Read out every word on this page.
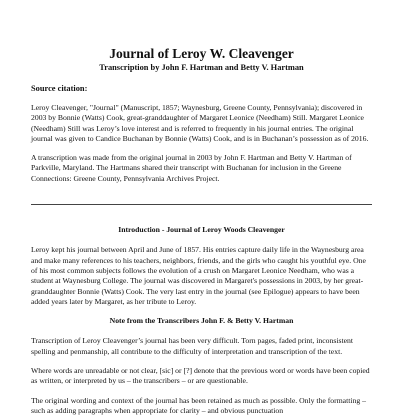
Journal of Leroy W. Cleavenger
Transcription by John F. Hartman and Betty V. Hartman
Source citation:

Leroy Cleavenger, "Journal" (Manuscript, 1857; Waynesburg, Greene County, Pennsylvania); discovered in 2003 by Bonnie (Watts) Cook, great-granddaughter of Margaret Leonice (Needham) Still. Margaret Leonice (Needham) Still was Leroy’s love interest and is referred to frequently in his journal entries. The original journal was given to Candice Buchanan by Bonnie (Watts) Cook, and is in Buchanan’s possession as of 2016.

A transcription was made from the original journal in 2003 by John F. Hartman and Betty V. Hartman of Parkville, Maryland. The Hartmans shared their transcript with Buchanan for inclusion in the Greene Connections: Greene County, Pennsylvania Archives Project.

Introduction - Journal of Leroy Woods Cleavenger

Leroy kept his journal between April and June of 1857. His entries capture daily life in the Waynesburg area and make many references to his teachers, neighbors, friends, and the girls who caught his youthful eye. One of his most common subjects follows the evolution of a crush on Margaret Leonice Needham, who was a student at Waynesburg College. The journal was discovered in Margaret's possessions in 2003, by her great-granddaughter Bonnie (Watts) Cook. The very last entry in the journal (see Epilogue) appears to have been added years later by Margaret, as her tribute to Leroy.

Note from the Transcribers John F. & Betty V. Hartman

Transcription of Leroy Cleavenger’s journal has been very difficult. Torn pages, faded print, inconsistent spelling and penmanship, all contribute to the difficulty of interpretation and transcription of the text.

Where words are unreadable or not clear, [sic] or [?] denote that the previous word or words have been copied as written, or interpreted by us – the transcribers – or are questionable.

The original wording and context of the journal has been retained as much as possible. Only the formatting – such as adding paragraphs when appropriate for clarity – and obvious punctuation
